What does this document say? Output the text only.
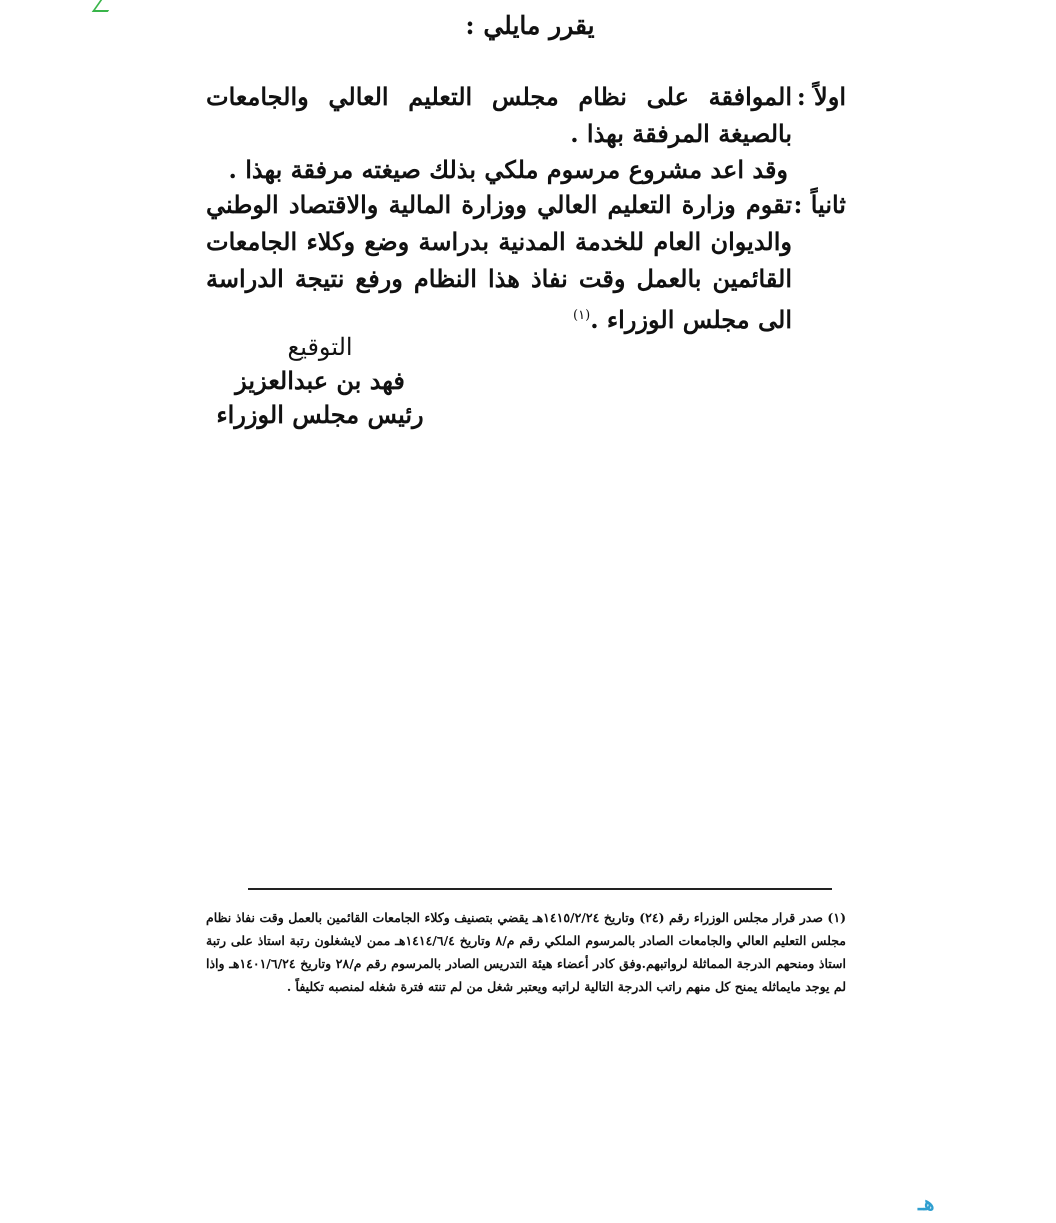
يقرر مايلي :
اولاً :
الموافقة على نظام مجلس التعليم العالي والجامعات بالصيغة المرفقة بهذا .
وقد اعد مشروع مرسوم ملكي بذلك صيغته مرفقة بهذا .
ثانياً :
تقوم وزارة التعليم العالي ووزارة المالية والاقتصاد الوطني والديوان العام للخدمة المدنية بدراسة وضع وكلاء الجامعات القائمين بالعمل وقت نفاذ هذا النظام ورفع نتيجة الدراسة الى مجلس الوزراء .$^{(١)}$
التوقيع
فهد بن عبدالعزيز
رئيس مجلس الوزراء
(١) صدر قرار مجلس الوزراء رقم (٢٤) وتاريخ ١٤١٥/٢/٢٤هـ يقضي بتصنيف وكلاء الجامعات القائمين بالعمل وقت نفاذ نظام مجلس التعليم العالي والجامعات الصادر بالمرسوم الملكي رقم م/٨ وتاريخ ١٤١٤/٦/٤هـ ممن لايشغلون رتبة استاذ على رتبة استاذ ومنحهم الدرجة المماثلة لرواتبهم.وفق كادر أعضاء هيئة التدريس الصادر بالمرسوم رقم م/٢٨ وتاريخ ١٤٠١/٦/٢٤هـ واذا لم يوجد مايماثله يمنح كل منهم راتب الدرجة التالية لراتبه ويعتبر شغل من لم تنته فترة شغله لمنصبه تكليفاً .
هـ
